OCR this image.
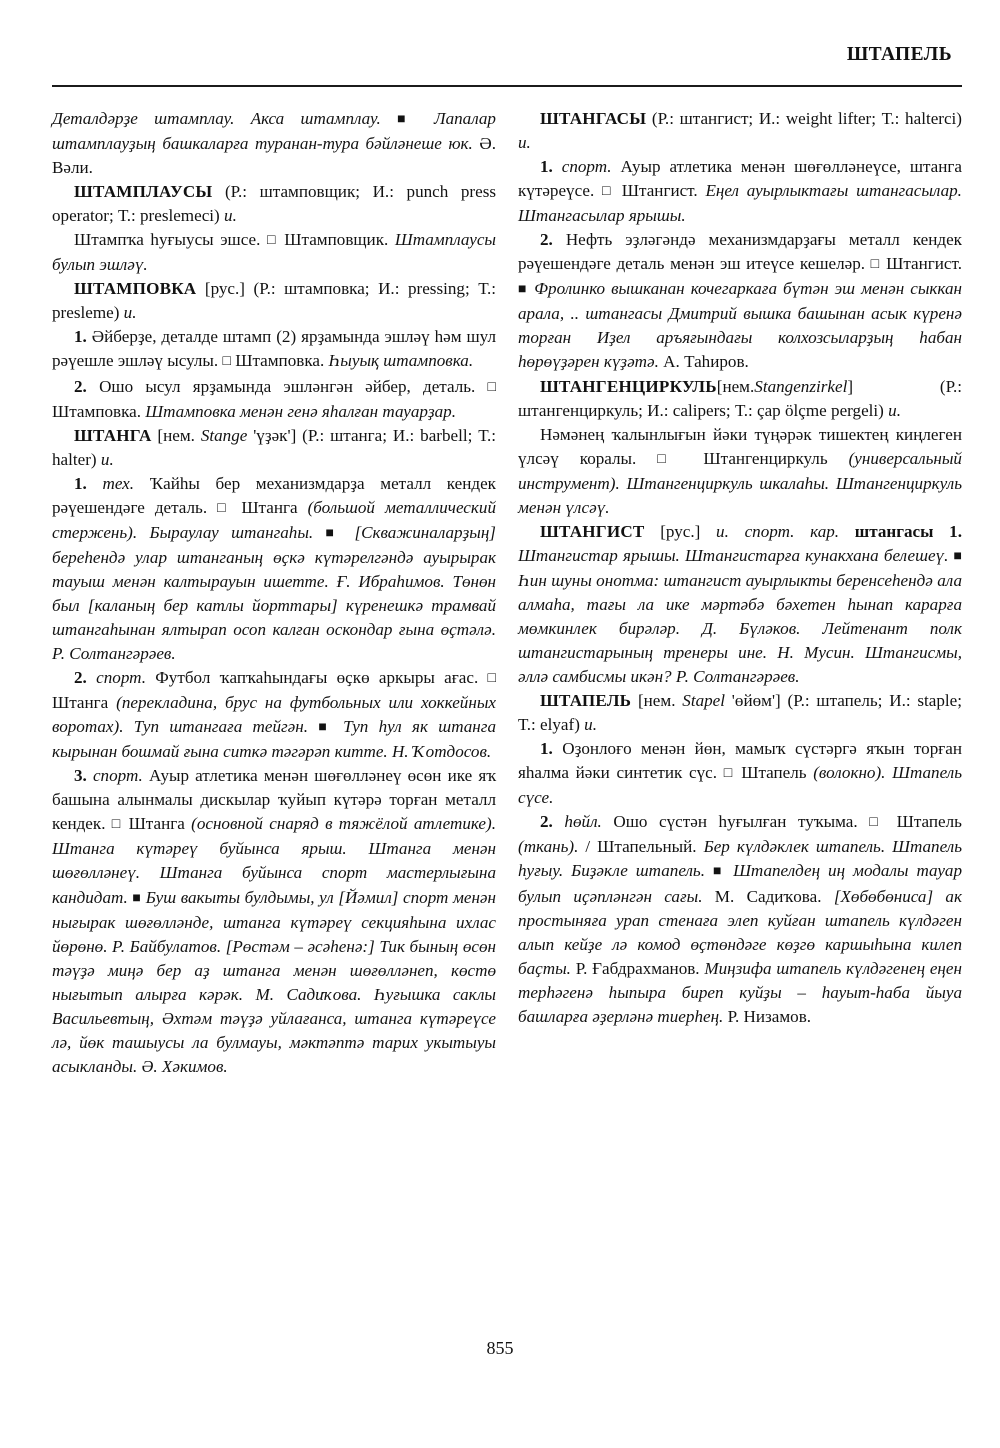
ШТАПЕЛЬ

Деталдәрҙе штамплау. Акса штамплау. ■ Лапалар штамплауҙың башкаларға туранан-тура бәйләнеше юк. Ә. Вәли.

ШТАМПЛАУСЫ (Р.: штамповщик; И.: punch press operator; Т.: preslemeci) и.

Штампҡа һуғыусы эшсе. □ Штамповщик. Штамплаусы булып эшләү.

ШТАМПОВКА [рус.] (Р.: штамповка; И.: pressing; Т.: presleme) и.

1. Әйберҙе, деталде штамп (2) ярҙамында эшләү һәм шул рәүешле эшләү ысулы. □ Штамповка. Һыуық штамповка.

2. Ошо ысул ярҙамында эшләнгән әйбер, деталь. □ Штамповка. Штамповка менән генә яһалған тауарҙар.

ШТАНГА [нем. Stange 'үҙәк'] (Р.: штанга; И.: barbell; Т.: halter) и.

1. тех. Ҡайһы бер механизмдарҙа металл кендек рәүешендәге деталь. □ Штанга (большой металлический стержень). Быраулау штангаһы. ■ [Скважиналарҙың] береһендә улар штанганың өҫкә күтәрелгәндә ауырырак тауыш менән калтырауын ишетте. Ғ. Ибраһимов. Төнөн был [каланың бер катлы йорттары] күренешкә трамвай штангаһынан ялтырап осоп калған оскондар ғына өҫтәлә. Р. Солтангәрәев.

2. спорт. Футбол ҡапҡаһындағы өҫкө аркыры ағас. □ Штанга (перекладина, брус на футбольных или хоккейных воротах). Туп штангаға тейгән. ■ Туп һул як штанга кырынан бошмай ғына ситкә тәгәрәп китте. Н. Ҡотдосов.

3. спорт. Ауыр атлетика менән шөғөлләнеү өсөн ике яҡ башына алынмалы дискылар ҡуйып күтәрә торған металл кендек. □ Штанга (основной снаряд в тяжёлой атлетике). Штанга күтәреү буйынса ярыш. Штанга менән шөғөлләнеү. Штанга буйынса спорт мастерлығына кандидат. ■ Буш вакыты булдымы, ул [Йәмил] спорт менән нығырак шөғөлләнде, штанга күтәреү секцияһына ихлас йөрөнө. Р. Байбулатов. [Рөстәм – әсәһенә:] Тик бының өсөн тәүҙә миңә бер аҙ штанга менән шөғөлләнеп, көстө нығытып алырға кәрәк. М. Садиҡова. Һуғышка саклы Васильевтың, Әхтәм тәүҙә уйлағанса, штанга күтәреүсе лә, йөк ташыусы ла булмауы, мәктәптә тарих укытыуы асыкланды. Ә. Хәкимов.

ШТАНГАСЫ (Р.: штангист; И.: weight lifter; Т.: halterci) и.

1. спорт. Ауыр атлетика менән шөғөлләнеүсе, штанга күтәреүсе. □ Штангист. Еңел ауырлыктағы штангасылар. Штангасылар ярышы.

2. Нефть эҙләгәндә механизмдарҙағы металл кендек рәүешендәге деталь менән эш итеүсе кешеләр. □ Штангист. ■ Фролинко вышканан кочегаркаға бүтән эш менән сыккан арала, .. штангасы Дмитрий вышка башынан асык күренә торған Иҙел аръяғындағы колхозсыларҙың һабан һөрөүҙәрен күҙәтә. А. Таһиров.

ШТАНГЕНЦИРКУЛЬ[нем.Stangenzirkel]	(Р.: штангенциркуль; И.: calipers; Т.: çap ölçme pergeli) и.

Нәмәнең ҡалынлығын йәки түңәрәк тишектең киңлеген үлсәү коралы. □ Штангенциркуль (универсальный инструмент). Штангенциркуль шкалаһы. Штангенциркуль менән үлсәү.

ШТАНГИСТ [рус.] и. спорт. кар. штангасы 1. Штангистар ярышы. Штангистарға кунакхана белешеү. ■ Һин шуны онотма: штангист ауырлыкты беренсеһендә ала алмаһа, тағы ла ике мәртәбә бәхетен һынап карарға мөмкинлек бирәләр. Д. Бүләков. Лейтенант полк штангистарының тренеры ине. Н. Мусин. Штангисмы, әллә самбисмы икән? Р. Солтангәрәев.

ШТАПЕЛЬ [нем. Stapel 'өйөм'] (Р.: штапель; И.: staple; Т.: elyaf) и.

1. Оҙонлоғо менән йөн, мамыҡ сүстәргә яҡын торған яһалма йәки синтетик сүс. □ Штапель (волокно). Штапель сүсе.

2. һөйл. Ошо сүстән һуғылған туҡыма. □ Штапель (ткань). / Штапельный. Бер күлдәклек штапель. Штапель һуғыу. Биҙәкле штапель. ■ Штапелдең иң модалы тауар булып иҫәпләнгән сағы. М. Садиҡова. [Хөбөбөниса] ак простыняға урап стенаға элеп куйған штапель күлдәген алып кейҙе лә комод өҫтөндәге көҙгө каршыһына килеп баҫты. Р. Ғабдрахманов. Миңзифа штапель күлдәгенең еңен терһәгенә һыпыра биреп куйҙы – һауыт-һаба йыуа башларға әҙерләнә тиерһең. Р. Низамов.

855
